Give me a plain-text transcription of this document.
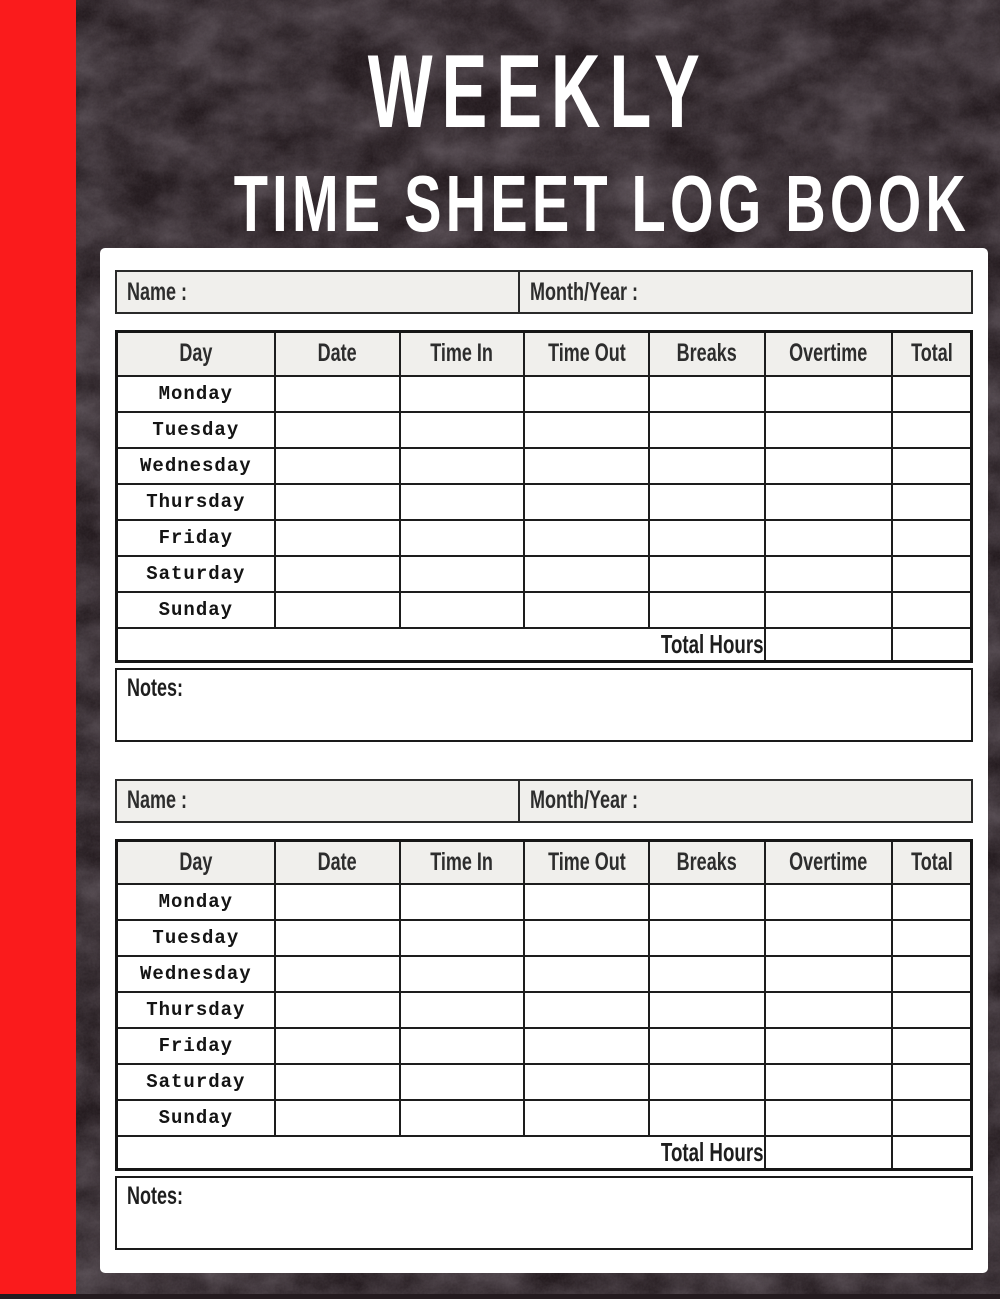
WEEKLY
TIME SHEET LOG BOOK
Name :	Month/Year :
Day	Date	Time In	Time Out	Breaks	Overtime	Total
Monday						
Tuesday						
Wednesday						
Thursday						
Friday						
Saturday						
Sunday						
Total Hours						
Notes:
Name :	Month/Year :
Day	Date	Time In	Time Out	Breaks	Overtime	Total
Monday						
Tuesday						
Wednesday						
Thursday						
Friday						
Saturday						
Sunday						
Total Hours						
Notes:
